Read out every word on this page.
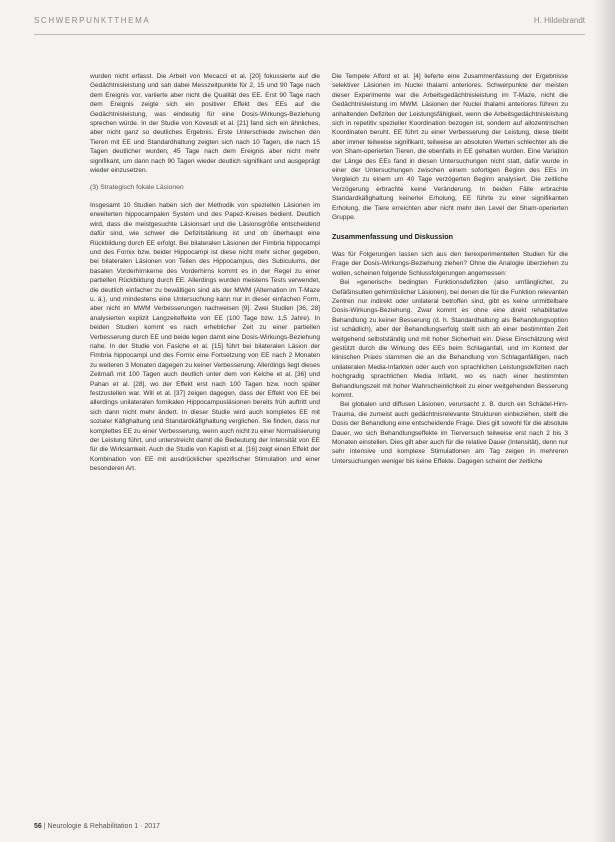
SCHWERPUNKTTHEMA	H. Hildebrandt

wurden nicht erfasst. Die Arbeit von Mecacci et al. [20] fokussierte auf die Gedächtnisleistung und sah dabei Messzeitpunkte für 2, 15 und 90 Tage nach dem Ereignis vor, variierte aber nicht die Qualität des EE. Erst 90 Tage nach dem Ereignis zeigte sich ein positiver Effekt des EEs auf die Gedächtnisleistung, was eindeutig für eine Dosis-Wirkungs-Beziehung sprechen würde. In der Studie von Kovesdi et al. [21] fand sich ein ähnliches, aber nicht ganz so deutliches Ergebnis. Erste Unterschiede zwischen den Tieren mit EE und Standardhaltung zeigten sich nach 10 Tagen, die nach 15 Tagen deutlicher wurden; 45 Tage nach dem Ereignis aber nicht mehr signifikant, um dann nach 90 Tagen wieder deutlich signifikant und ausgeprägt wieder einzusetzen.

(3) Strategisch fokale Läsionen

Insgesamt 10 Studien haben sich der Methodik von speziellen Läsionen im erweiterten hippocampalen System und des Papez-Kreises bedient. Deutlich wird, dass die meistgesuchte Läsionsart und die Läsionsgröße entscheidend dafür sind, wie schwer die Defizitstärkung ist und ob überhaupt eine Rückbildung durch EE erfolgt. Bei bilateralen Läsionen der Fimbria hippocampi und des Fornix bzw. beider Hippocampi ist diese nicht mehr sicher gegeben, bei bilateralen Läsionen von Teilen des Hippocampus, des Subiculums, der basalen Vorderhirnkerne des Vorderhirns kommt es in der Regel zu einer partiellen Rückbildung durch EE. Allerdings wurden meistens Tests verwendet, die deutlich einfacher zu bewältigen sind als der MWM (Alternation im T-Maze u. ä.), und mindestens eine Untersuchung kann nur in dieser einfachen Form, aber nicht im MWM Verbesserungen nachweisen [9]. Zwei Studien [36, 28] analysierten explizit Langzeiteffekte von EE (100 Tage bzw. 1,5 Jahre). In beiden Studien kommt es nach erheblicher Zeit zu einer partiellen Verbesserung durch EE und beide legen damit eine Dosis-Wirkungs-Beziehung nahe. In der Studie von Fasiche et al. [15] führt bei bilateralen Läsion der Fimbria hippocampi und des Fornix eine Fortsetzung von EE nach 2 Monaten zu weiteren 3 Monaten dagegen zu keiner Verbesserung. Allerdings liegt dieses Zeitmaß mit 100 Tagen auch deutlich unter dem von Kelche et al. [36] und Pahan et al. [28], wo der Effekt erst nach 100 Tagen bzw. noch später festzustellen war. Will et al. [37] zeigen dagegen, dass der Effekt von EE bei allerdings unilateralen fornikalen Hippocampusläsionen bereits früh auftritt und sich dann nicht mehr ändert. In dieser Studie wird auch kompletes EE mit sozialer Käfighaltung und Standardkäfighaltung verglichen. Sie finden, dass nur komplettes EE zu einer Verbesserung, wenn auch nicht zu einer Normalisierung der Leistung führt, und unterstreicht damit die Bedeutung der Intensität von EE für die Wirksamkeit. Auch die Studie von Kapisti et al. [16] zeigt einen Effekt der Kombination von EE mit ausdrücklicher spezifischer Stimulation und einer besonderen Art.

Die Tempele Alford et al. [4] lieferte eine Zusammenfassung der Ergebnisse selektiver Läsionen im Nuclei thalami anteriores. Schwerpunkte der meisten dieser Experimente war die Arbeitsgedächtnisleistung im T-Maze, nicht die Gedächtnisleistung im MWM. Läsionen der Nuclei thalami anteriores führen zu anhaltenden Defiziten der Leistungsfähigkeit, wenn die Arbeitsgedächtnisleistung sich in repetitiv spezieller Koordination bezogen ist, sondern auf allozentrischen Koordinaten beruht. EE führt zu einer Verbesserung der Leistung, diese bleibt aber immer teilweise signifikant, teilweise an absoluten Werten schlechter als die von Sham-operierten Tieren, die ebenfalls in EE gehalten wurden. Eine Variation der Länge des EEs fand in diesen Untersuchungen nicht statt, dafür wurde in einer der Untersuchungen zwischen einem sofortigen Beginn des EEs im Vergleich zu einem um 40 Tage verzögerten Beginn analysiert. Die zeitliche Verzögerung erbrachte keine Veränderung. In beiden Fälle erbrachte Standardkäfighaltung keinerlei Erholung, EE führte zu einer signifikanten Erholung, die Tiere erreichten aber nicht mehr den Level der Sham-operierten Gruppe.

Zusammenfassung und Diskussion

Was für Folgerungen lassen sich aus den tierexperimentellen Studien für die Frage der Dosis-Wirkungs-Beziehung ziehen? Ohne die Analogie überziehen zu wollen, scheinen folgende Schlussfolgerungen angemessen:

Bei »generisch« bedingten Funktionsdefiziten (also umfänglicher, zu Gefäßinsulten gehirnlöslicher Läsionen), bei denen die für die Funktion relevanten Zentren nur indirekt oder unilateral betroffen sind, gibt es keine unmittelbare Dosis-Wirkungs-Beziehung. Zwar kommt es ohne eine direkt rehabilitative Behandlung zu keiner Besserung (d. h. Standardhaltung als Behandlungsoption ist schädlich), aber der Behandlungserfolg stellt sich ab einer bestimmten Zeit weitgehend selbstständig und mit hoher Sicherheit ein. Diese Einschätzung wird gestützt durch die Wirkung des EEs beim Schlaganfall, und im Kontext der klinischen Praxis stammen die an die Behandlung von Schlaganfälligen, nach unilateralen Media-Infarkten oder auch von sprachlichen Leistungsdefiziten nach hochgradig sprachlichen Media Infarkt, wo es nach einer bestimmten Behandlungszeit mit hoher Wahrscheinlichkeit zu einer weitgehenden Besserung kommt.

Bei globalen und diffusen Läsionen, verursacht z. B. durch ein Schädel-Hirn-Trauma, die zumeist auch gedächtnisrelevante Strukturen einbeziehen, stellt die Dosis der Behandlung eine entscheidende Frage. Dies gilt sowohl für die absolute Dauer, wo sich Behandlungseffekte im Tierversuch teilweise erst nach 2 bis 3 Monaten einstellen. Dies gilt aber auch für die relative Dauer (Intensität), denn nur sehr intensive und komplexe Stimulationen am Tag zeigen in mehreren Untersuchungen weniger bis keine Effekte. Dagegen scheint der zeitliche

56 | Neurologie & Rehabilitation 1 · 2017
